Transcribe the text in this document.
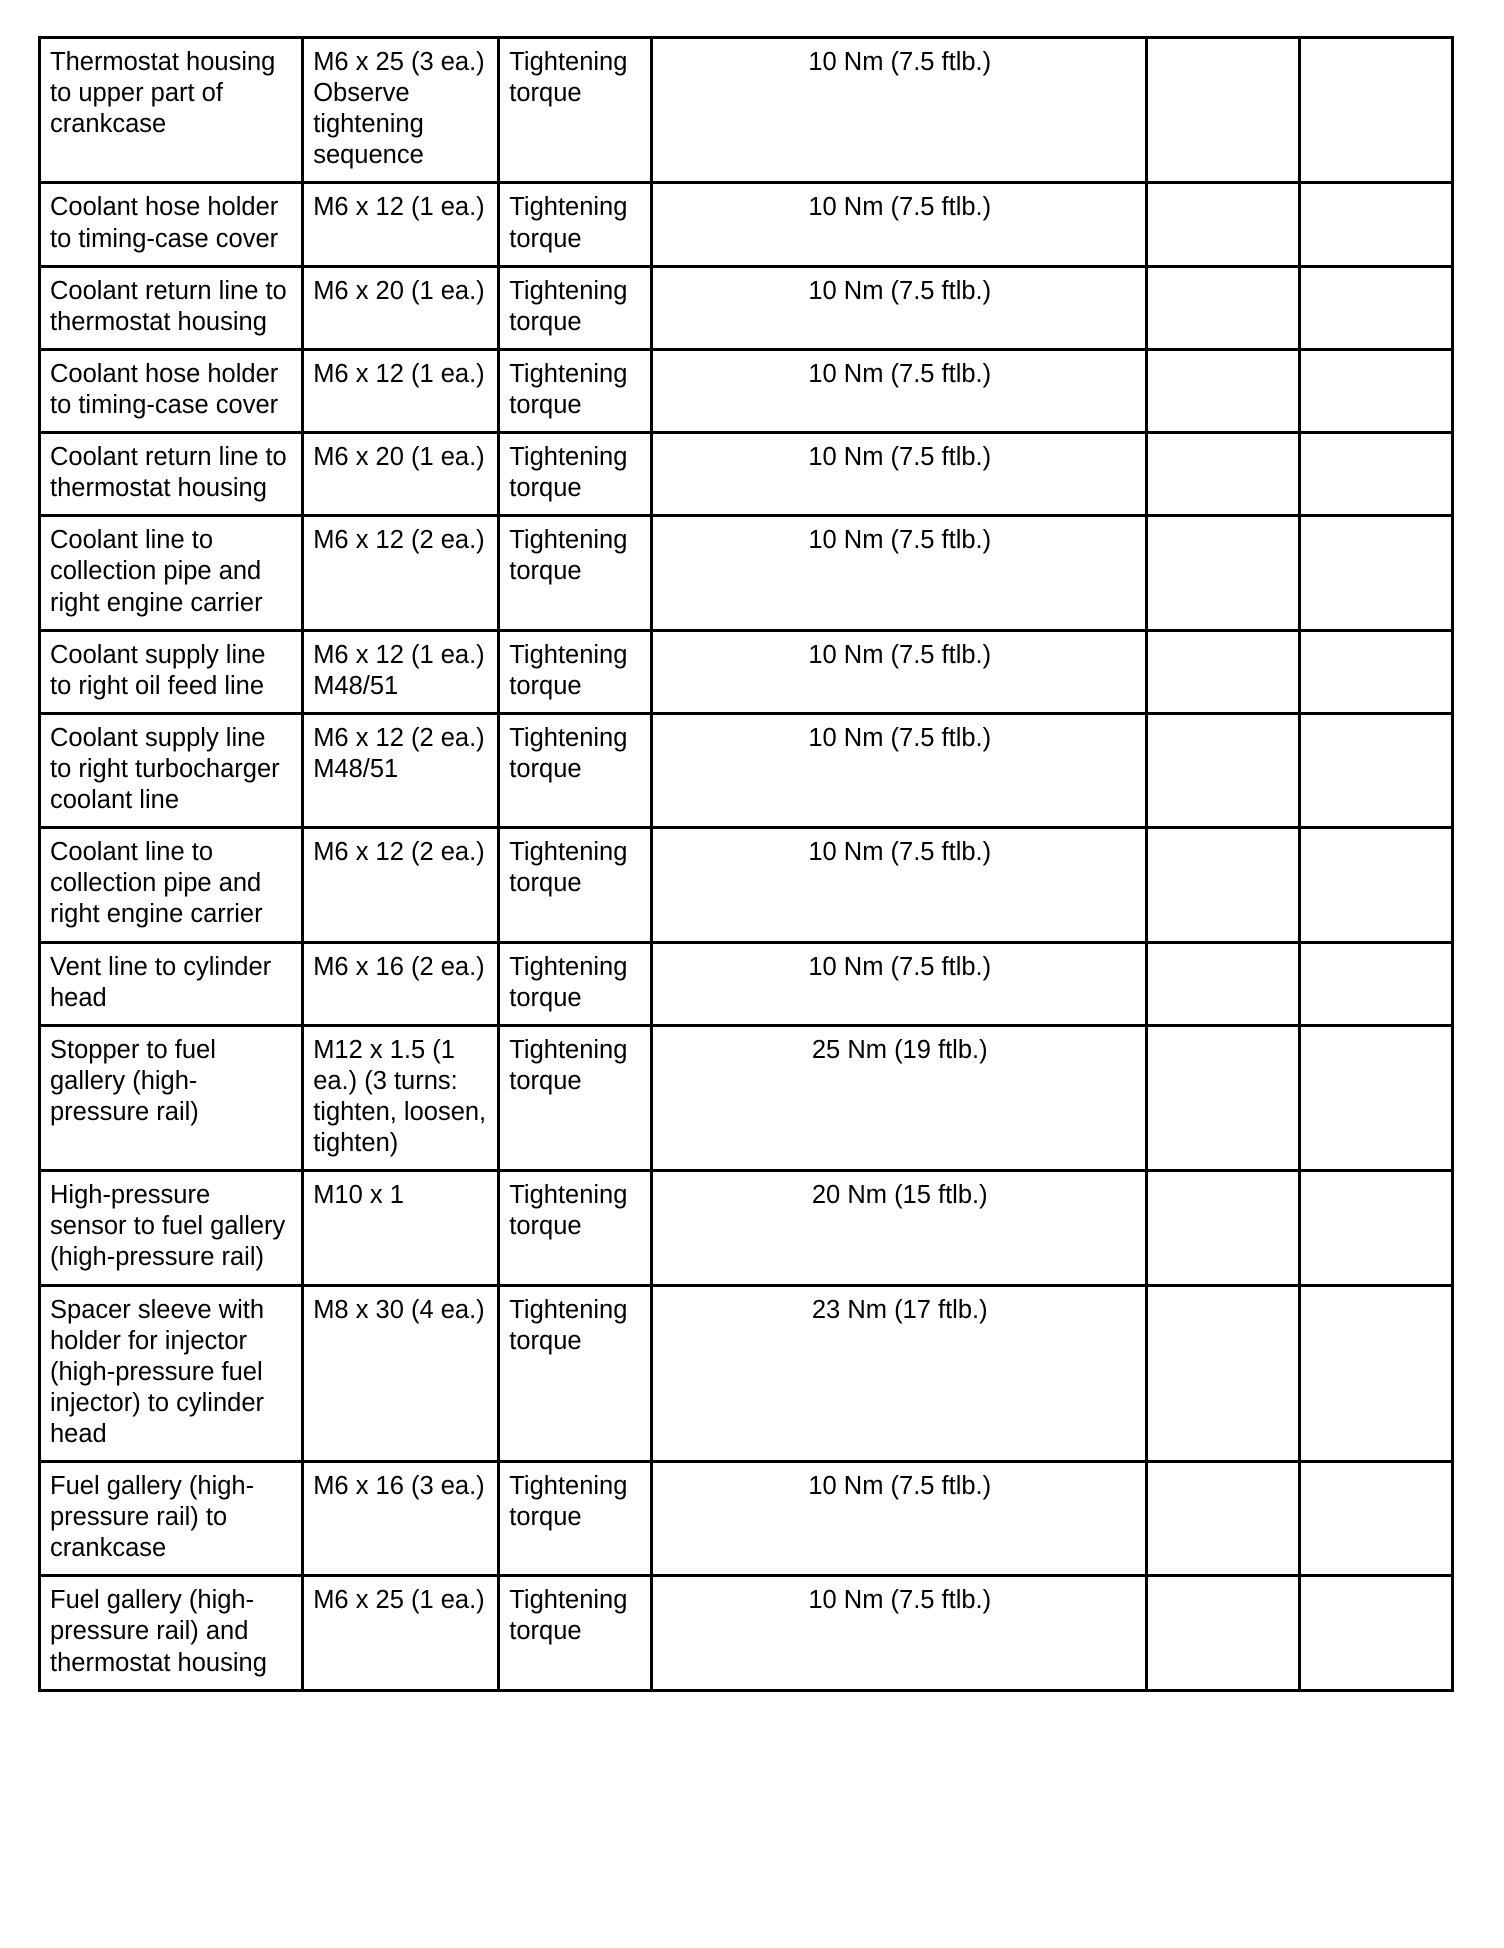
Thermostat housing to upper part of crankcase	M6 x 25 (3 ea.) Observe tightening sequence	Tightening torque	10 Nm (7.5 ftlb.)		
Coolant hose holder to timing-case cover	M6 x 12 (1 ea.)	Tightening torque	10 Nm (7.5 ftlb.)		
Coolant return line to thermostat housing	M6 x 20 (1 ea.)	Tightening torque	10 Nm (7.5 ftlb.)		
Coolant hose holder to timing-case cover	M6 x 12 (1 ea.)	Tightening torque	10 Nm (7.5 ftlb.)		
Coolant return line to thermostat housing	M6 x 20 (1 ea.)	Tightening torque	10 Nm (7.5 ftlb.)		
Coolant line to collection pipe and right engine carrier	M6 x 12 (2 ea.)	Tightening torque	10 Nm (7.5 ftlb.)		
Coolant supply line to right oil feed line	M6 x 12 (1 ea.) M48/51	Tightening torque	10 Nm (7.5 ftlb.)		
Coolant supply line to right turbocharger coolant line	M6 x 12 (2 ea.) M48/51	Tightening torque	10 Nm (7.5 ftlb.)		
Coolant line to collection pipe and right engine carrier	M6 x 12 (2 ea.)	Tightening torque	10 Nm (7.5 ftlb.)		
Vent line to cylinder head	M6 x 16 (2 ea.)	Tightening torque	10 Nm (7.5 ftlb.)		
Stopper to fuel gallery (high-pressure rail)	M12 x 1.5 (1 ea.) (3 turns: tighten, loosen, tighten)	Tightening torque	25 Nm (19 ftlb.)		
High-pressure sensor to fuel gallery (high-pressure rail)	M10 x 1	Tightening torque	20 Nm (15 ftlb.)		
Spacer sleeve with holder for injector (high-pressure fuel injector) to cylinder head	M8 x 30 (4 ea.)	Tightening torque	23 Nm (17 ftlb.)		
Fuel gallery (high-pressure rail) to crankcase	M6 x 16 (3 ea.)	Tightening torque	10 Nm (7.5 ftlb.)		
Fuel gallery (high-pressure rail) and thermostat housing	M6 x 25 (1 ea.)	Tightening torque	10 Nm (7.5 ftlb.)		
